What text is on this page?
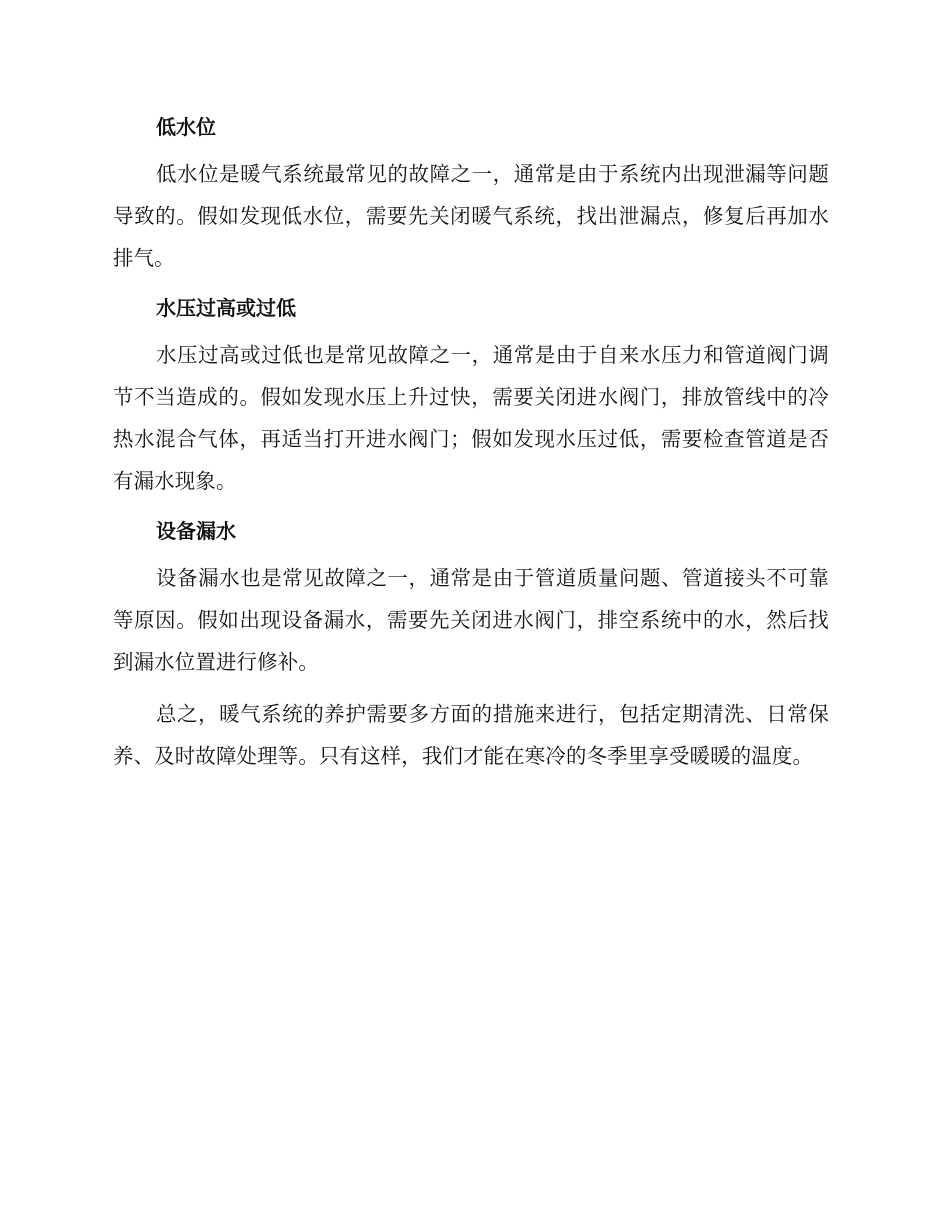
低水位

低水位是暖气系统最常见的故障之一，通常是由于系统内出现泄漏等问题导致的。假如发现低水位，需要先关闭暖气系统，找出泄漏点，修复后再加水排气。

水压过高或过低

水压过高或过低也是常见故障之一，通常是由于自来水压力和管道阀门调节不当造成的。假如发现水压上升过快，需要关闭进水阀门，排放管线中的冷热水混合气体，再适当打开进水阀门；假如发现水压过低，需要检查管道是否有漏水现象。

设备漏水

设备漏水也是常见故障之一，通常是由于管道质量问题、管道接头不可靠等原因。假如出现设备漏水，需要先关闭进水阀门，排空系统中的水，然后找到漏水位置进行修补。

总之，暖气系统的养护需要多方面的措施来进行，包括定期清洗、日常保养、及时故障处理等。只有这样，我们才能在寒冷的冬季里享受暖暖的温度。
